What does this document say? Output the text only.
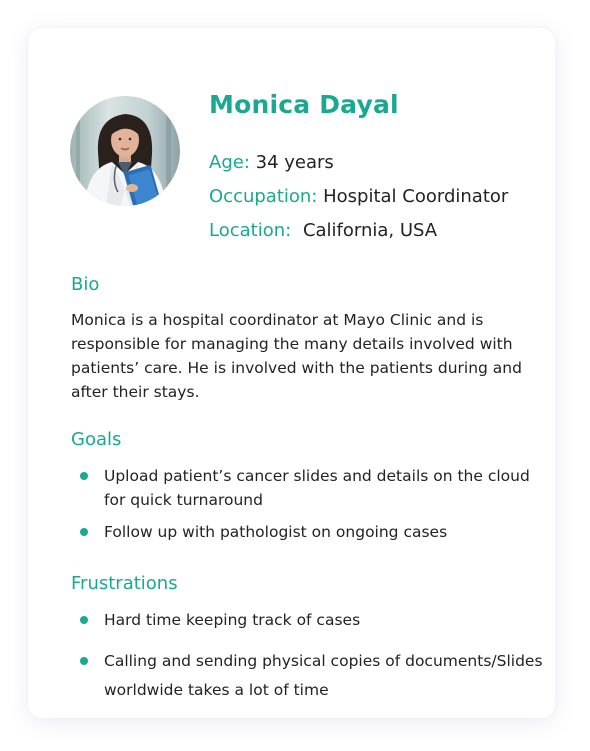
Monica Dayal
Age: 34 years
Occupation: Hospital Coordinator
Location: California, USA
Bio

Monica is a hospital coordinator at Mayo Clinic and is responsible for managing the many details involved with patients’ care. He is involved with the patients during and after their stays.

Goals

Upload patient’s cancer slides and details on the cloud for quick turnaround

Follow up with pathologist on ongoing cases

Frustrations

Hard time keeping track of cases

Calling and sending physical copies of documents/Slides worldwide takes a lot of time
